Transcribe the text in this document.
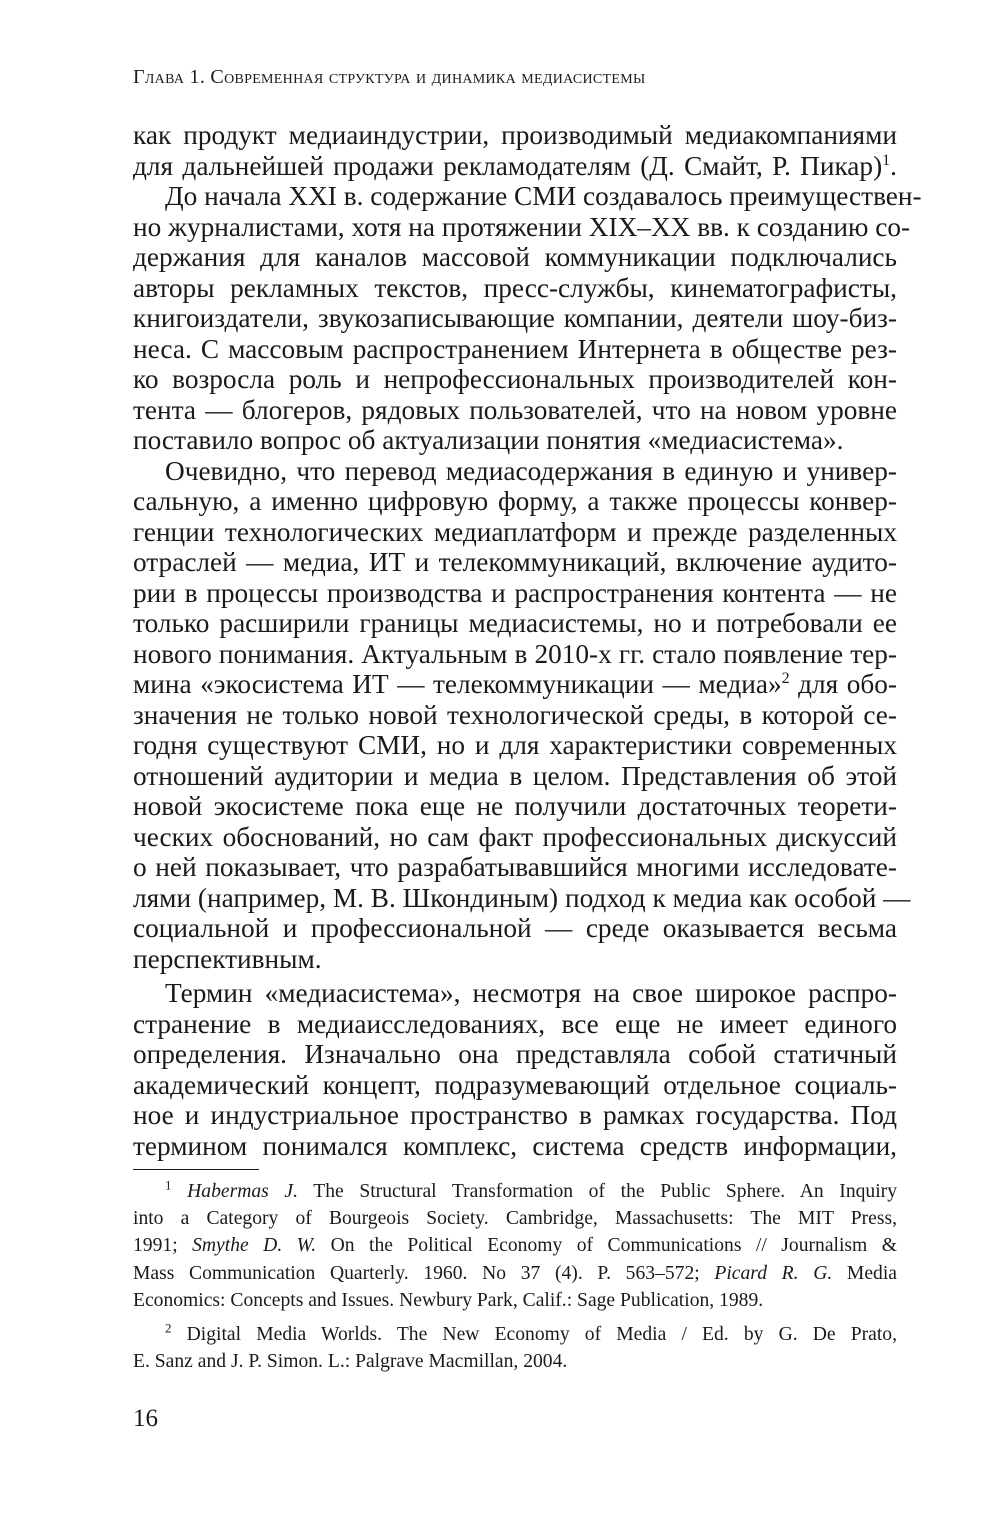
Глава 1. Современная структура и динамика медиасистемы

как продукт медиаиндустрии, производимый медиакомпаниями
для дальнейшей продажи рекламодателям (Д. Смайт, Р. Пикар)$^1$.
До начала XXI в. содержание СМИ создавалось преимуществен-
но журналистами, хотя на протяжении XIX–XX вв. к созданию со-
держания для каналов массовой коммуникации подключались
авторы рекламных текстов, пресс-службы, кинематографисты,
книгоиздатели, звукозаписывающие компании, деятели шоу-биз-
неса. С массовым распространением Интернета в обществе рез-
ко возросла роль и непрофессиональных производителей кон-
тента — блогеров, рядовых пользователей, что на новом уровне
поставило вопрос об актуализации понятия «медиасистема».

Очевидно, что перевод медиасодержания в единую и универ-
сальную, а именно цифровую форму, а также процессы конвер-
генции технологических медиаплатформ и прежде разделенных
отраслей — медиа, ИТ и телекоммуникаций, включение аудито-
рии в процессы производства и распространения контента — не
только расширили границы медиасистемы, но и потребовали ее
нового понимания. Актуальным в 2010-х гг. стало появление тер-
мина «экосистема ИТ — телекоммуникации — медиа»$^2$ для обо-
значения не только новой технологической среды, в которой се-
годня существуют СМИ, но и для характеристики современных
отношений аудитории и медиа в целом. Представления об этой
новой экосистеме пока еще не получили достаточных теорети-
ческих обоснований, но сам факт профессиональных дискуссий
о ней показывает, что разрабатывавшийся многими исследовате-
лями (например, М. В. Шкондиным) подход к медиа как особой —
социальной и профессиональной — среде оказывается весьма
перспективным.

Термин «медиасистема», несмотря на свое широкое распро-
странение в медиаисследованиях, все еще не имеет единого
определения. Изначально она представляла собой статичный
академический концепт, подразумевающий отдельное социаль-
ное и индустриальное пространство в рамках государства. Под
термином понимался комплекс, система средств информации,

$^1$ Habermas J. The Structural Transformation of the Public Sphere. An Inquiry
into a Category of Bourgeois Society. Cambridge, Massachusetts: The MIT Press,
1991; Smythe D. W. On the Political Economy of Communications // Journalism &
Mass Communication Quarterly. 1960. No 37 (4). P. 563–572; Picard R. G. Media
Economics: Concepts and Issues. Newbury Park, Calif.: Sage Publication, 1989.
$^2$ Digital Media Worlds. The New Economy of Media / Ed. by G. De Prato,
E. Sanz and J. P. Simon. L.: Palgrave Macmillan, 2004.
16
